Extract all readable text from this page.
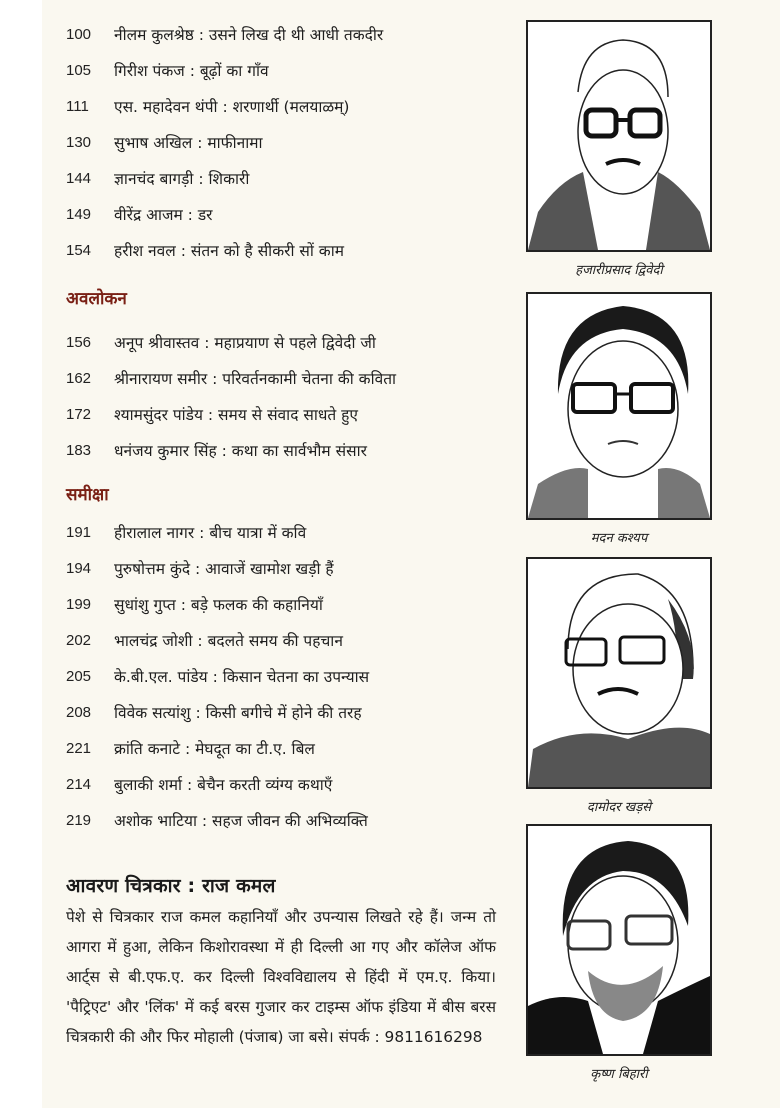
100	नीलम कुलश्रेष्ठ : उसने लिख दी थी आधी तकदीर
105	गिरीश पंकज : बूढ़ों का गाँव
111	एस. महादेवन थंपी : शरणार्थी (मलयाळम्)
130	सुभाष अखिल : माफीनामा
144	ज्ञानचंद बागड़ी : शिकारी
149	वीरेंद्र आजम : डर
154	हरीश नवल : संतन को है सीकरी सों काम
अवलोकन
156	अनूप श्रीवास्तव : महाप्रयाण से पहले द्विवेदी जी
162	श्रीनारायण समीर : परिवर्तनकामी चेतना की कविता
172	श्यामसुंदर पांडेय : समय से संवाद साधते हुए
183	धनंजय कुमार सिंह : कथा का सार्वभौम संसार
समीक्षा
191	हीरालाल नागर : बीच यात्रा में कवि
194	पुरुषोत्तम कुंदे : आवाजें खामोश खड़ी हैं
199	सुधांशु गुप्त : बड़े फलक की कहानियाँ
202	भालचंद्र जोशी : बदलते समय की पहचान
205	के.बी.एल. पांडेय : किसान चेतना का उपन्यास
208	विवेक सत्यांशु : किसी बगीचे में होने की तरह
221	क्रांति कनाटे : मेघदूत का टी.ए. बिल
214	बुलाकी शर्मा : बेचैन करती व्यंग्य कथाएँ
219	अशोक भाटिया : सहज जीवन की अभिव्यक्ति
आवरण चित्रकार : राज कमल
पेशे से चित्रकार राज कमल कहानियाँ और उपन्यास लिखते रहे हैं। जन्म तो आगरा में हुआ, लेकिन किशोरावस्था में ही दिल्ली आ गए और कॉलेज ऑफ आर्ट्स से बी.एफ.ए. कर दिल्ली विश्वविद्यालय से हिंदी में एम.ए. किया। 'पैट्रिएट' और 'लिंक' में कई बरस गुजार कर टाइम्स ऑफ इंडिया में बीस बरस चित्रकारी की और फिर मोहाली (पंजाब) जा बसे। संपर्क : 9811616298
हजारीप्रसाद द्विवेदी
मदन कश्यप
दामोदर खड़से
कृष्ण बिहारी
